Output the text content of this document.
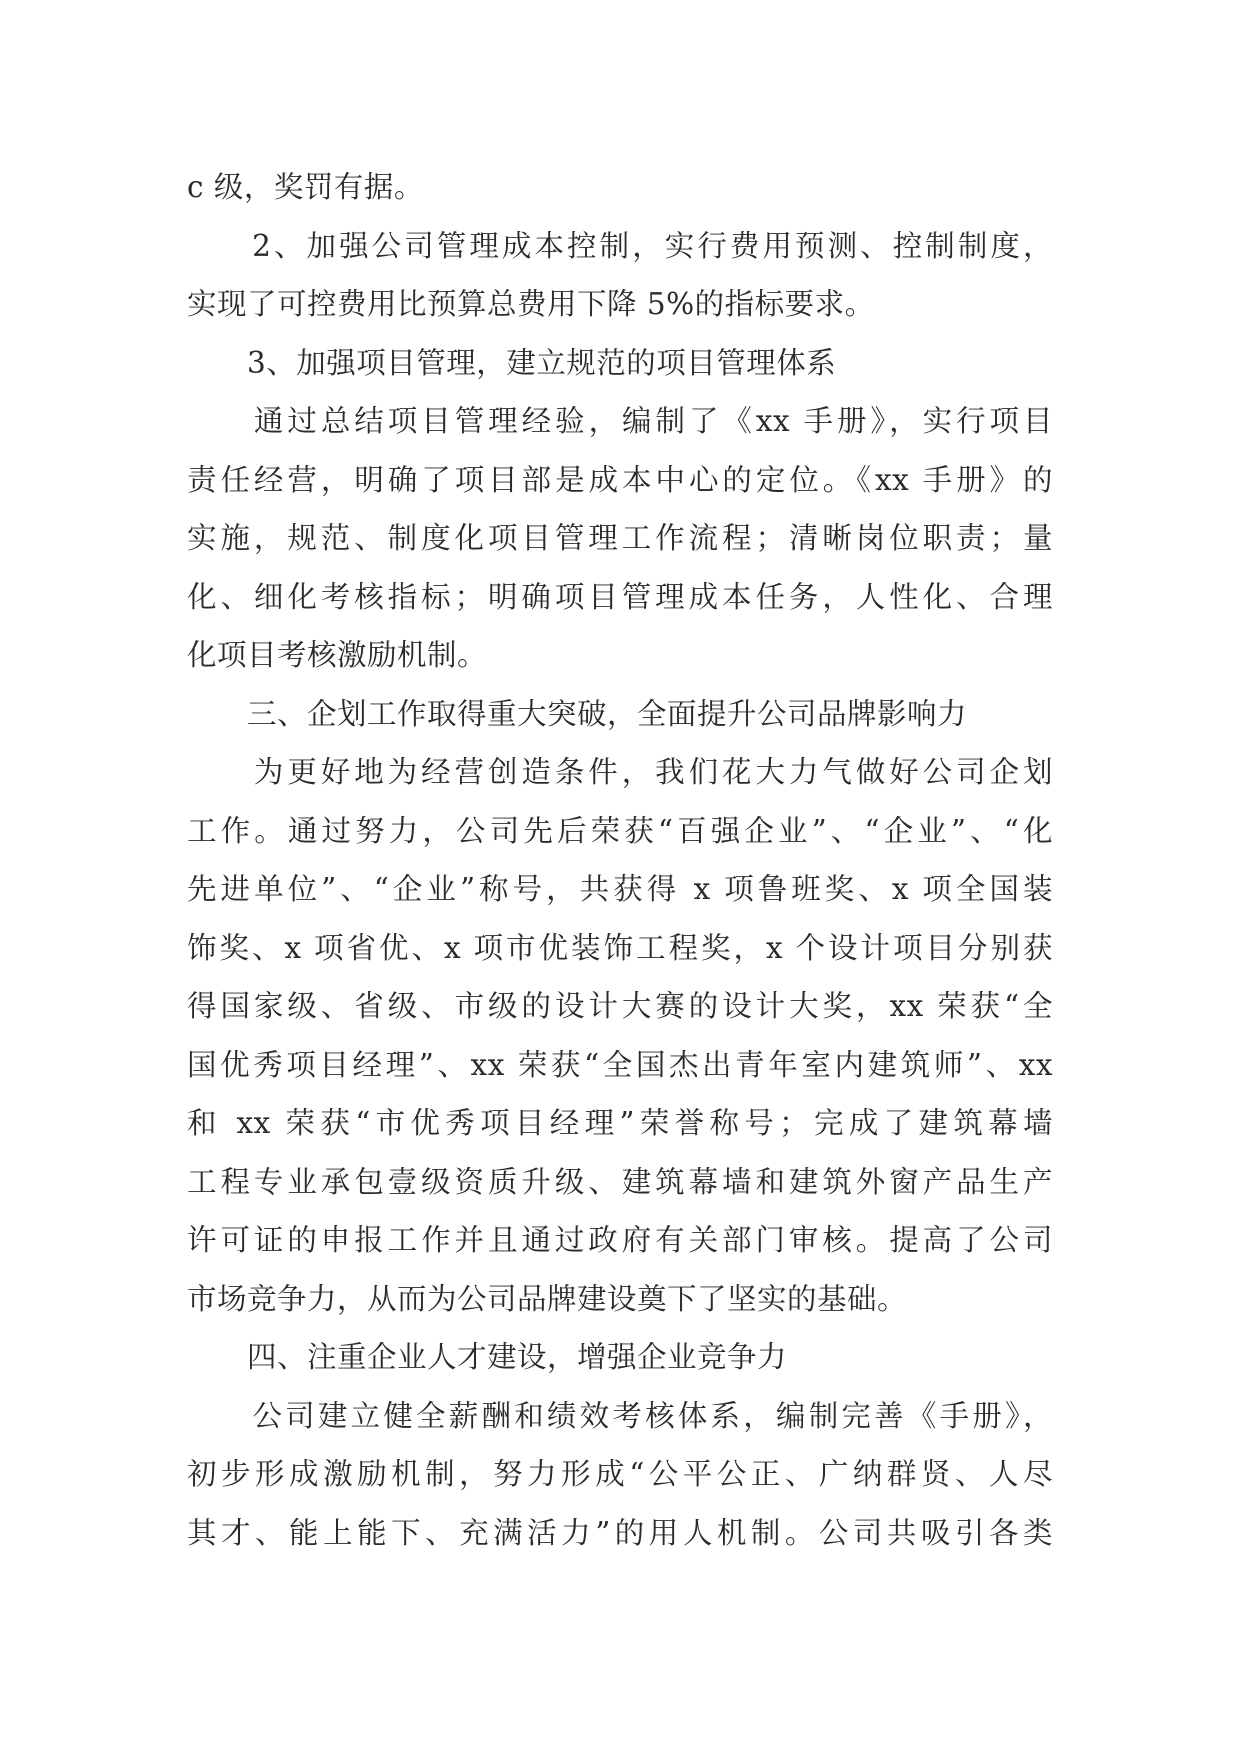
c 级，奖罚有据。
　　2、加强公司管理成本控制，实行费用预测、控制制度，
实现了可控费用比预算总费用下降 5%的指标要求。
　　3、加强项目管理，建立规范的项目管理体系
　　通过总结项目管理经验，编制了《xx 手册》，实行项目
责任经营，明确了项目部是成本中心的定位。《xx 手册》的
实施，规范、制度化项目管理工作流程；清晰岗位职责；量
化、细化考核指标；明确项目管理成本任务，人性化、合理
化项目考核激励机制。
　　三、企划工作取得重大突破，全面提升公司品牌影响力
　　为更好地为经营创造条件，我们花大力气做好公司企划
工作。通过努力，公司先后荣获“百强企业”、“企业”、“化
先进单位”、“企业”称号，共获得 x 项鲁班奖、x 项全国装
饰奖、x 项省优、x 项市优装饰工程奖，x 个设计项目分别获
得国家级、省级、市级的设计大赛的设计大奖，xx 荣获“全
国优秀项目经理”、xx 荣获“全国杰出青年室内建筑师”、xx
和 xx 荣获“市优秀项目经理”荣誉称号；完成了建筑幕墙
工程专业承包壹级资质升级、建筑幕墙和建筑外窗产品生产
许可证的申报工作并且通过政府有关部门审核。提高了公司
市场竞争力，从而为公司品牌建设奠下了坚实的基础。
　　四、注重企业人才建设，增强企业竞争力
　　公司建立健全薪酬和绩效考核体系，编制完善《手册》，
初步形成激励机制，努力形成“公平公正、广纳群贤、人尽
其才、能上能下、充满活力”的用人机制。公司共吸引各类
